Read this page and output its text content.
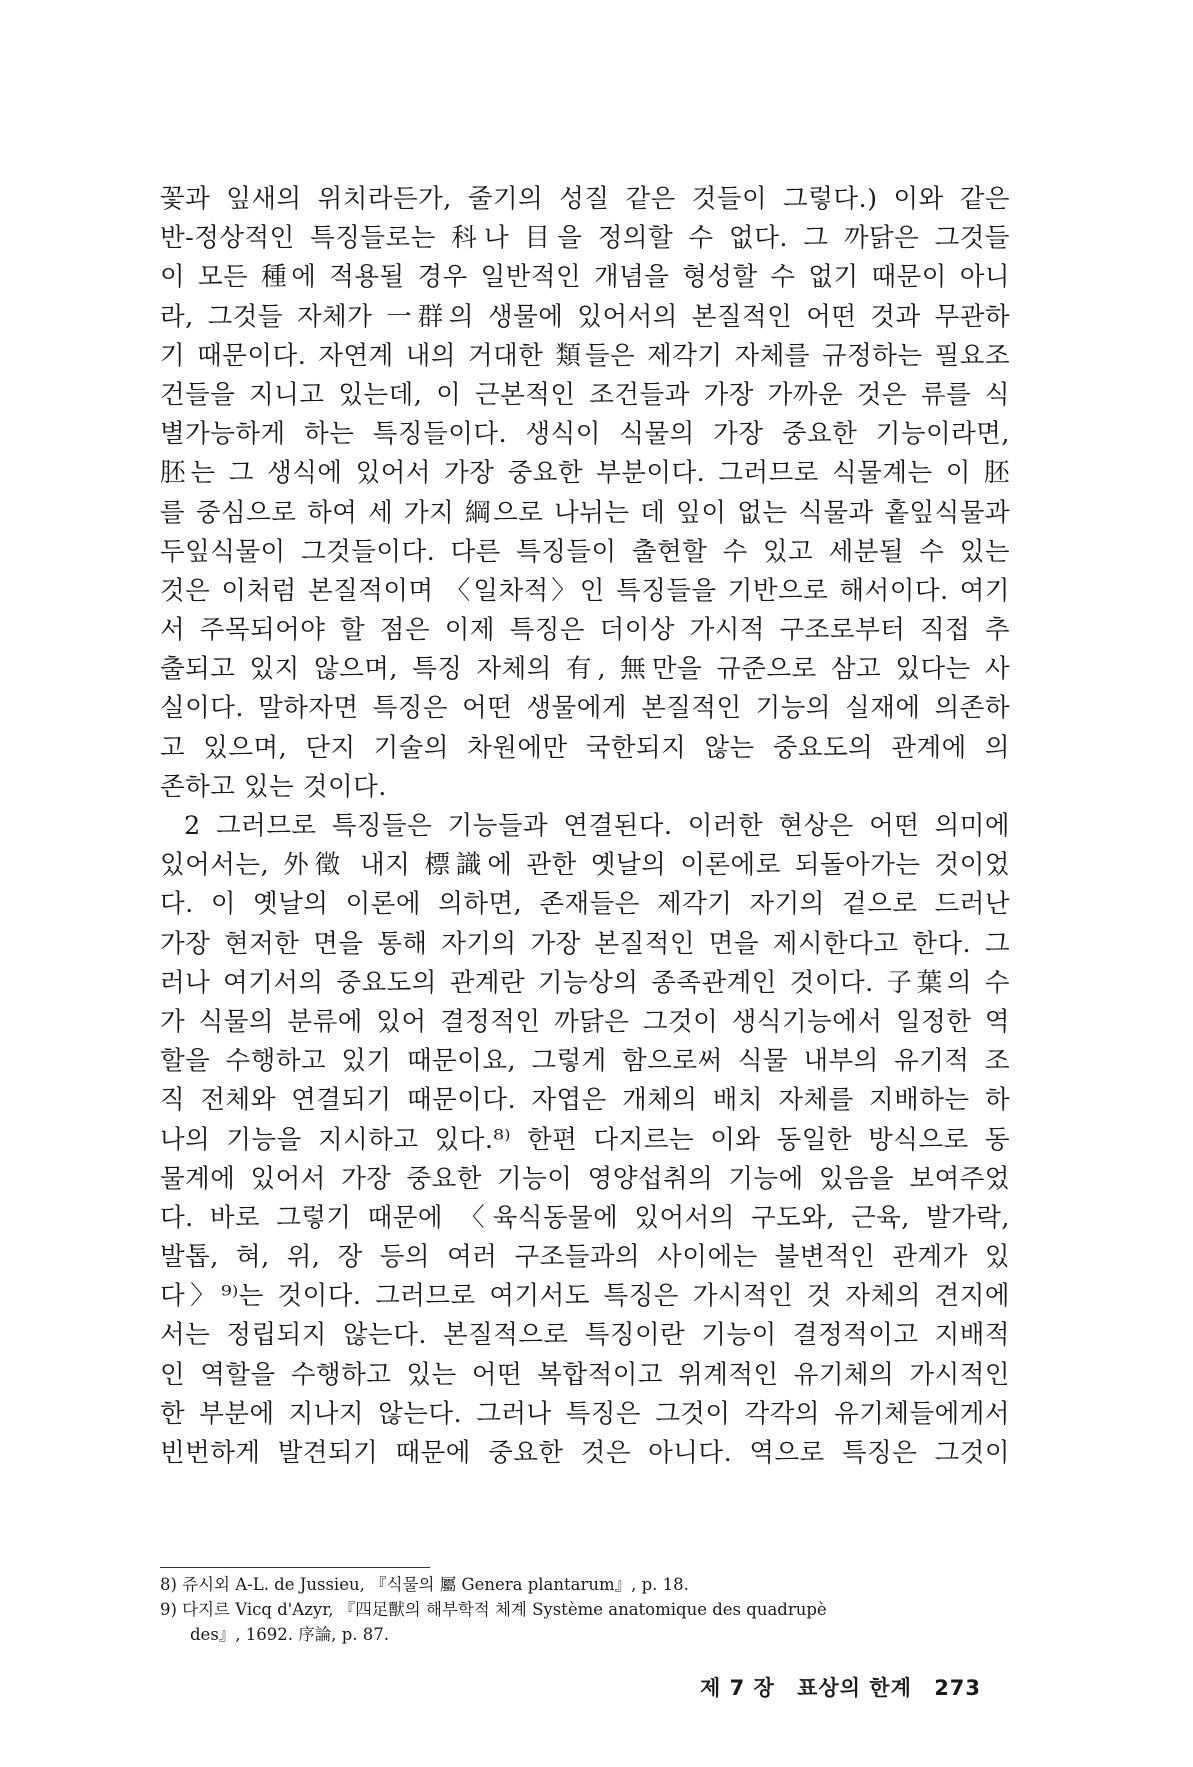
꽃과 잎새의 위치라든가, 줄기의 성질 같은 것들이 그렇다.) 이와 같은
반-정상적인 특징들로는 科나 目을 정의할 수 없다. 그 까닭은 그것들
이 모든 種에 적용될 경우 일반적인 개념을 형성할 수 없기 때문이 아니
라, 그것들 자체가 一群의 생물에 있어서의 본질적인 어떤 것과 무관하
기 때문이다. 자연계 내의 거대한 類들은 제각기 자체를 규정하는 필요조
건들을 지니고 있는데, 이 근본적인 조건들과 가장 가까운 것은 류를 식
별가능하게 하는 특징들이다. 생식이 식물의 가장 중요한 기능이라면,
胚는 그 생식에 있어서 가장 중요한 부분이다. 그러므로 식물계는 이 胚
를 중심으로 하여 세 가지 綱으로 나뉘는 데 잎이 없는 식물과 홑잎식물과
두잎식물이 그것들이다. 다른 특징들이 출현할 수 있고 세분될 수 있는
것은 이처럼 본질적이며 〈일차적〉인 특징들을 기반으로 해서이다. 여기
서 주목되어야 할 점은 이제 특징은 더이상 가시적 구조로부터 직접 추
출되고 있지 않으며, 특징 자체의 有, 無만을 규준으로 삼고 있다는 사
실이다. 말하자면 특징은 어떤 생물에게 본질적인 기능의 실재에 의존하
고 있으며, 단지 기술의 차원에만 국한되지 않는 중요도의 관계에 의
존하고 있는 것이다.
2 그러므로 특징들은 기능들과 연결된다. 이러한 현상은 어떤 의미에
있어서는, 外徵 내지 標識에 관한 옛날의 이론에로 되돌아가는 것이었
다. 이 옛날의 이론에 의하면, 존재들은 제각기 자기의 겉으로 드러난
가장 현저한 면을 통해 자기의 가장 본질적인 면을 제시한다고 한다. 그
러나 여기서의 중요도의 관계란 기능상의 종족관계인 것이다. 子葉의 수
가 식물의 분류에 있어 결정적인 까닭은 그것이 생식기능에서 일정한 역
할을 수행하고 있기 때문이요, 그렇게 함으로써 식물 내부의 유기적 조
직 전체와 연결되기 때문이다. 자엽은 개체의 배치 자체를 지배하는 하
나의 기능을 지시하고 있다.⁸⁾ 한편 다지르는 이와 동일한 방식으로 동
물계에 있어서 가장 중요한 기능이 영양섭취의 기능에 있음을 보여주었
다. 바로 그렇기 때문에 〈육식동물에 있어서의 구도와, 근육, 발가락,
발톱, 혀, 위, 장 등의 여러 구조들과의 사이에는 불변적인 관계가 있
다〉⁹⁾는 것이다. 그러므로 여기서도 특징은 가시적인 것 자체의 견지에
서는 정립되지 않는다. 본질적으로 특징이란 기능이 결정적이고 지배적
인 역할을 수행하고 있는 어떤 복합적이고 위계적인 유기체의 가시적인
한 부분에 지나지 않는다. 그러나 특징은 그것이 각각의 유기체들에게서
빈번하게 발견되기 때문에 중요한 것은 아니다. 역으로 특징은 그것이
8) 쥬시외 A-L. de Jussieu, 『식물의 屬 Genera plantarum』, p. 18.
9) 다지르 Vicq d'Azyr, 『四足獸의 해부학적 체계 Système anatomique des quadrupè
des』, 1692. 序論, p. 87.
제 7 장 표상의 한계 273
